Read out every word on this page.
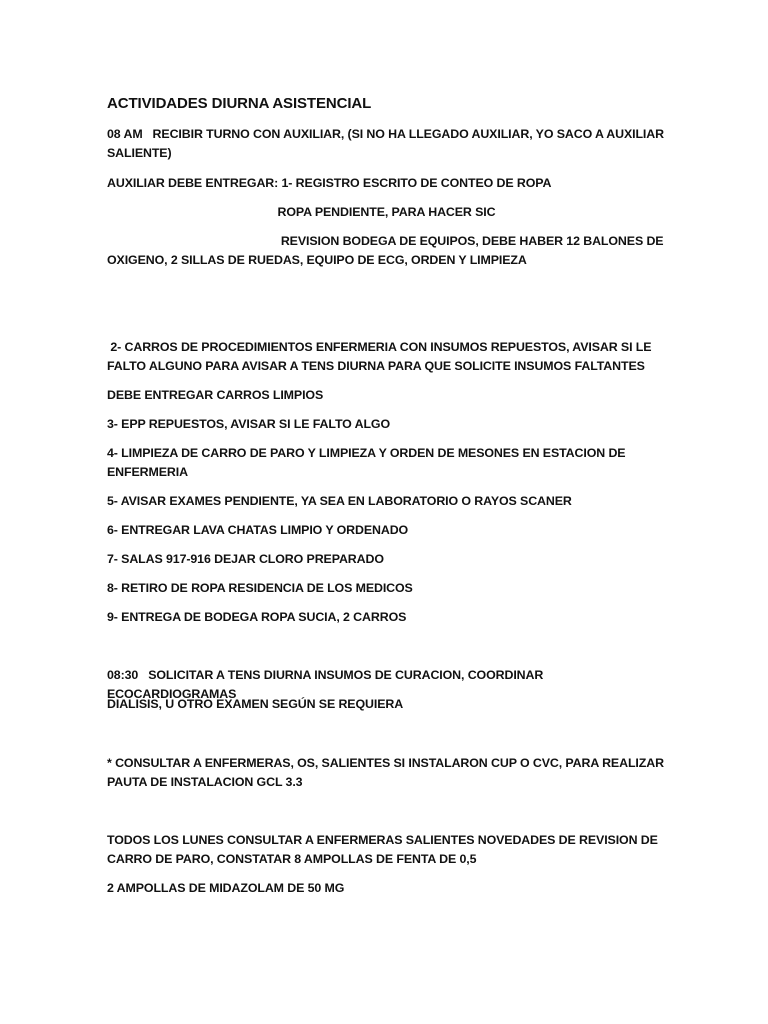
ACTIVIDADES DIURNA ASISTENCIAL
08 AM   RECIBIR TURNO CON AUXILIAR, (SI NO HA LLEGADO AUXILIAR, YO SACO A AUXILIAR SALIENTE)
AUXILIAR DEBE ENTREGAR: 1- REGISTRO ESCRITO DE CONTEO DE ROPA
ROPA PENDIENTE, PARA HACER SIC
REVISION BODEGA DE EQUIPOS, DEBE HABER 12 BALONES DE OXIGENO, 2 SILLAS DE RUEDAS, EQUIPO DE ECG, ORDEN Y LIMPIEZA
2- CARROS DE PROCEDIMIENTOS ENFERMERIA CON INSUMOS REPUESTOS, AVISAR SI LE FALTO ALGUNO PARA AVISAR A TENS DIURNA PARA QUE SOLICITE INSUMOS FALTANTES
DEBE ENTREGAR CARROS LIMPIOS
3- EPP REPUESTOS, AVISAR SI LE FALTO ALGO
4- LIMPIEZA DE CARRO DE PARO Y LIMPIEZA Y ORDEN DE MESONES EN ESTACION DE ENFERMERIA
5- AVISAR EXAMES PENDIENTE, YA SEA EN LABORATORIO O RAYOS SCANER
6- ENTREGAR LAVA CHATAS LIMPIO Y ORDENADO
7- SALAS 917-916 DEJAR CLORO PREPARADO
8- RETIRO DE ROPA RESIDENCIA DE LOS MEDICOS
9- ENTREGA DE BODEGA ROPA SUCIA, 2 CARROS
08:30   SOLICITAR A TENS DIURNA INSUMOS DE CURACION, COORDINAR ECOCARDIOGRAMAS
DIALISIS, U OTRO EXAMEN SEGÚN SE REQUIERA
* CONSULTAR A ENFERMERAS, OS, SALIENTES SI INSTALARON CUP O CVC, PARA REALIZAR PAUTA DE INSTALACION GCL 3.3
TODOS LOS LUNES CONSULTAR A ENFERMERAS SALIENTES NOVEDADES DE REVISION DE CARRO DE PARO, CONSTATAR 8 AMPOLLAS DE FENTA DE 0,5
2 AMPOLLAS DE MIDAZOLAM DE 50 MG
